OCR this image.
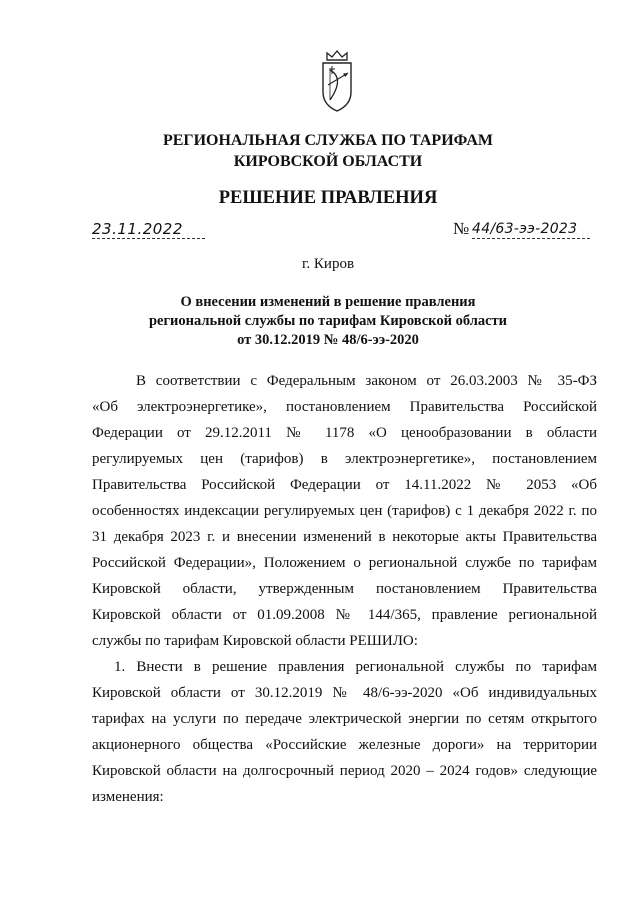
РЕГИОНАЛЬНАЯ СЛУЖБА ПО ТАРИФАМ
КИРОВСКОЙ ОБЛАСТИ
РЕШЕНИЕ ПРАВЛЕНИЯ
23.11.2022	№ 44/63-ээ-2023
г. Киров
О внесении изменений в решение правления
региональной службы по тарифам Кировской области
от 30.12.2019 № 48/6-ээ-2020
В соответствии с Федеральным законом от 26.03.2003 № 35-ФЗ
«Об электроэнергетике», постановлением Правительства Российской
Федерации от 29.12.2011 № 1178 «О ценообразовании в области
регулируемых цен (тарифов) в электроэнергетике», постановлением
Правительства Российской Федерации от 14.11.2022 № 2053 «Об
особенностях индексации регулируемых цен (тарифов) с 1 декабря 2022 г. по
31 декабря 2023 г. и внесении изменений в некоторые акты Правительства
Российской Федерации», Положением о региональной службе по тарифам
Кировской области, утвержденным постановлением Правительства
Кировской области от 01.09.2008 № 144/365, правление региональной
службы по тарифам Кировской области РЕШИЛО:
1. Внести в решение правления региональной службы по тарифам
Кировской области от 30.12.2019 № 48/6-ээ-2020 «Об индивидуальных
тарифах на услуги по передаче электрической энергии по сетям открытого
акционерного общества «Российские железные дороги» на территории
Кировской области на долгосрочный период 2020 – 2024 годов» следующие
изменения:
